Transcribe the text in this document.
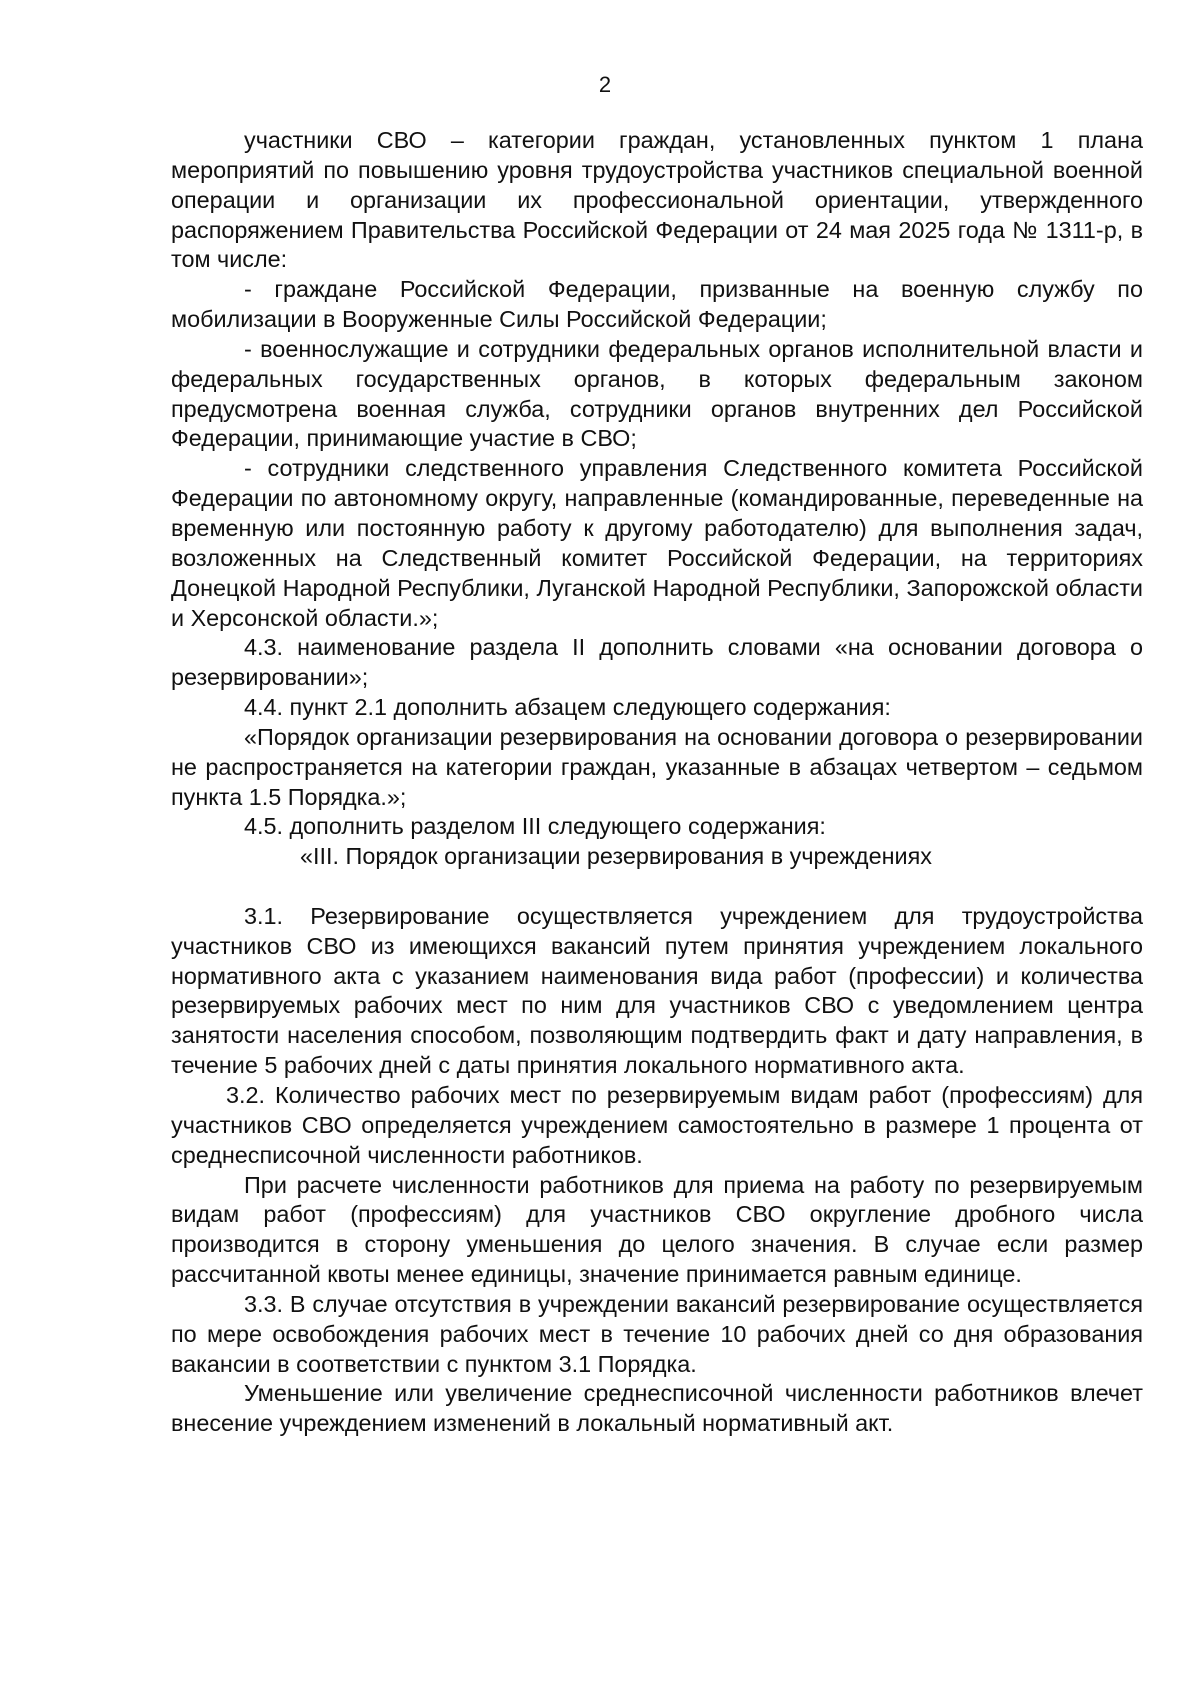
2

участники СВО – категории граждан, установленных пунктом 1 плана мероприятий по повышению уровня трудоустройства участников специальной военной операции и организации их профессиональной ориентации, утвержденного распоряжением Правительства Российской Федерации от 24 мая 2025 года № 1311-р, в том числе:

- граждане Российской Федерации, призванные на военную службу по мобилизации в Вооруженные Силы Российской Федерации;

- военнослужащие и сотрудники федеральных органов исполнительной власти и федеральных государственных органов, в которых федеральным законом предусмотрена военная служба, сотрудники органов внутренних дел Российской Федерации, принимающие участие в СВО;

- сотрудники следственного управления Следственного комитета Российской Федерации по автономному округу, направленные (командированные, переведенные на временную или постоянную работу к другому работодателю) для выполнения задач, возложенных на Следственный комитет Российской Федерации, на территориях Донецкой Народной Республики, Луганской Народной Республики, Запорожской области и Херсонской области.»;

4.3. наименование раздела II дополнить словами «на основании договора о резервировании»;

4.4. пункт 2.1 дополнить абзацем следующего содержания:

«Порядок организации резервирования на основании договора о резервировании не распространяется на категории граждан, указанные в абзацах четвертом – седьмом пункта 1.5 Порядка.»;

4.5. дополнить разделом III следующего содержания:

«III. Порядок организации резервирования в учреждениях

3.1. Резервирование осуществляется учреждением для трудоустройства участников СВО из имеющихся вакансий путем принятия учреждением локального нормативного акта с указанием наименования вида работ (профессии) и количества резервируемых рабочих мест по ним для участников СВО с уведомлением центра занятости населения способом, позволяющим подтвердить факт и дату направления, в течение 5 рабочих дней с даты принятия локального нормативного акта.

3.2. Количество рабочих мест по резервируемым видам работ (профессиям) для участников СВО определяется учреждением самостоятельно в размере 1 процента от среднесписочной численности работников.

При расчете численности работников для приема на работу по резервируемым видам работ (профессиям) для участников СВО округление дробного числа производится в сторону уменьшения до целого значения. В случае если размер рассчитанной квоты менее единицы, значение принимается равным единице.

3.3. В случае отсутствия в учреждении вакансий резервирование осуществляется по мере освобождения рабочих мест в течение 10 рабочих дней со дня образования вакансии в соответствии с пунктом 3.1 Порядка.

Уменьшение или увеличение среднесписочной численности работников влечет внесение учреждением изменений в локальный нормативный акт.
